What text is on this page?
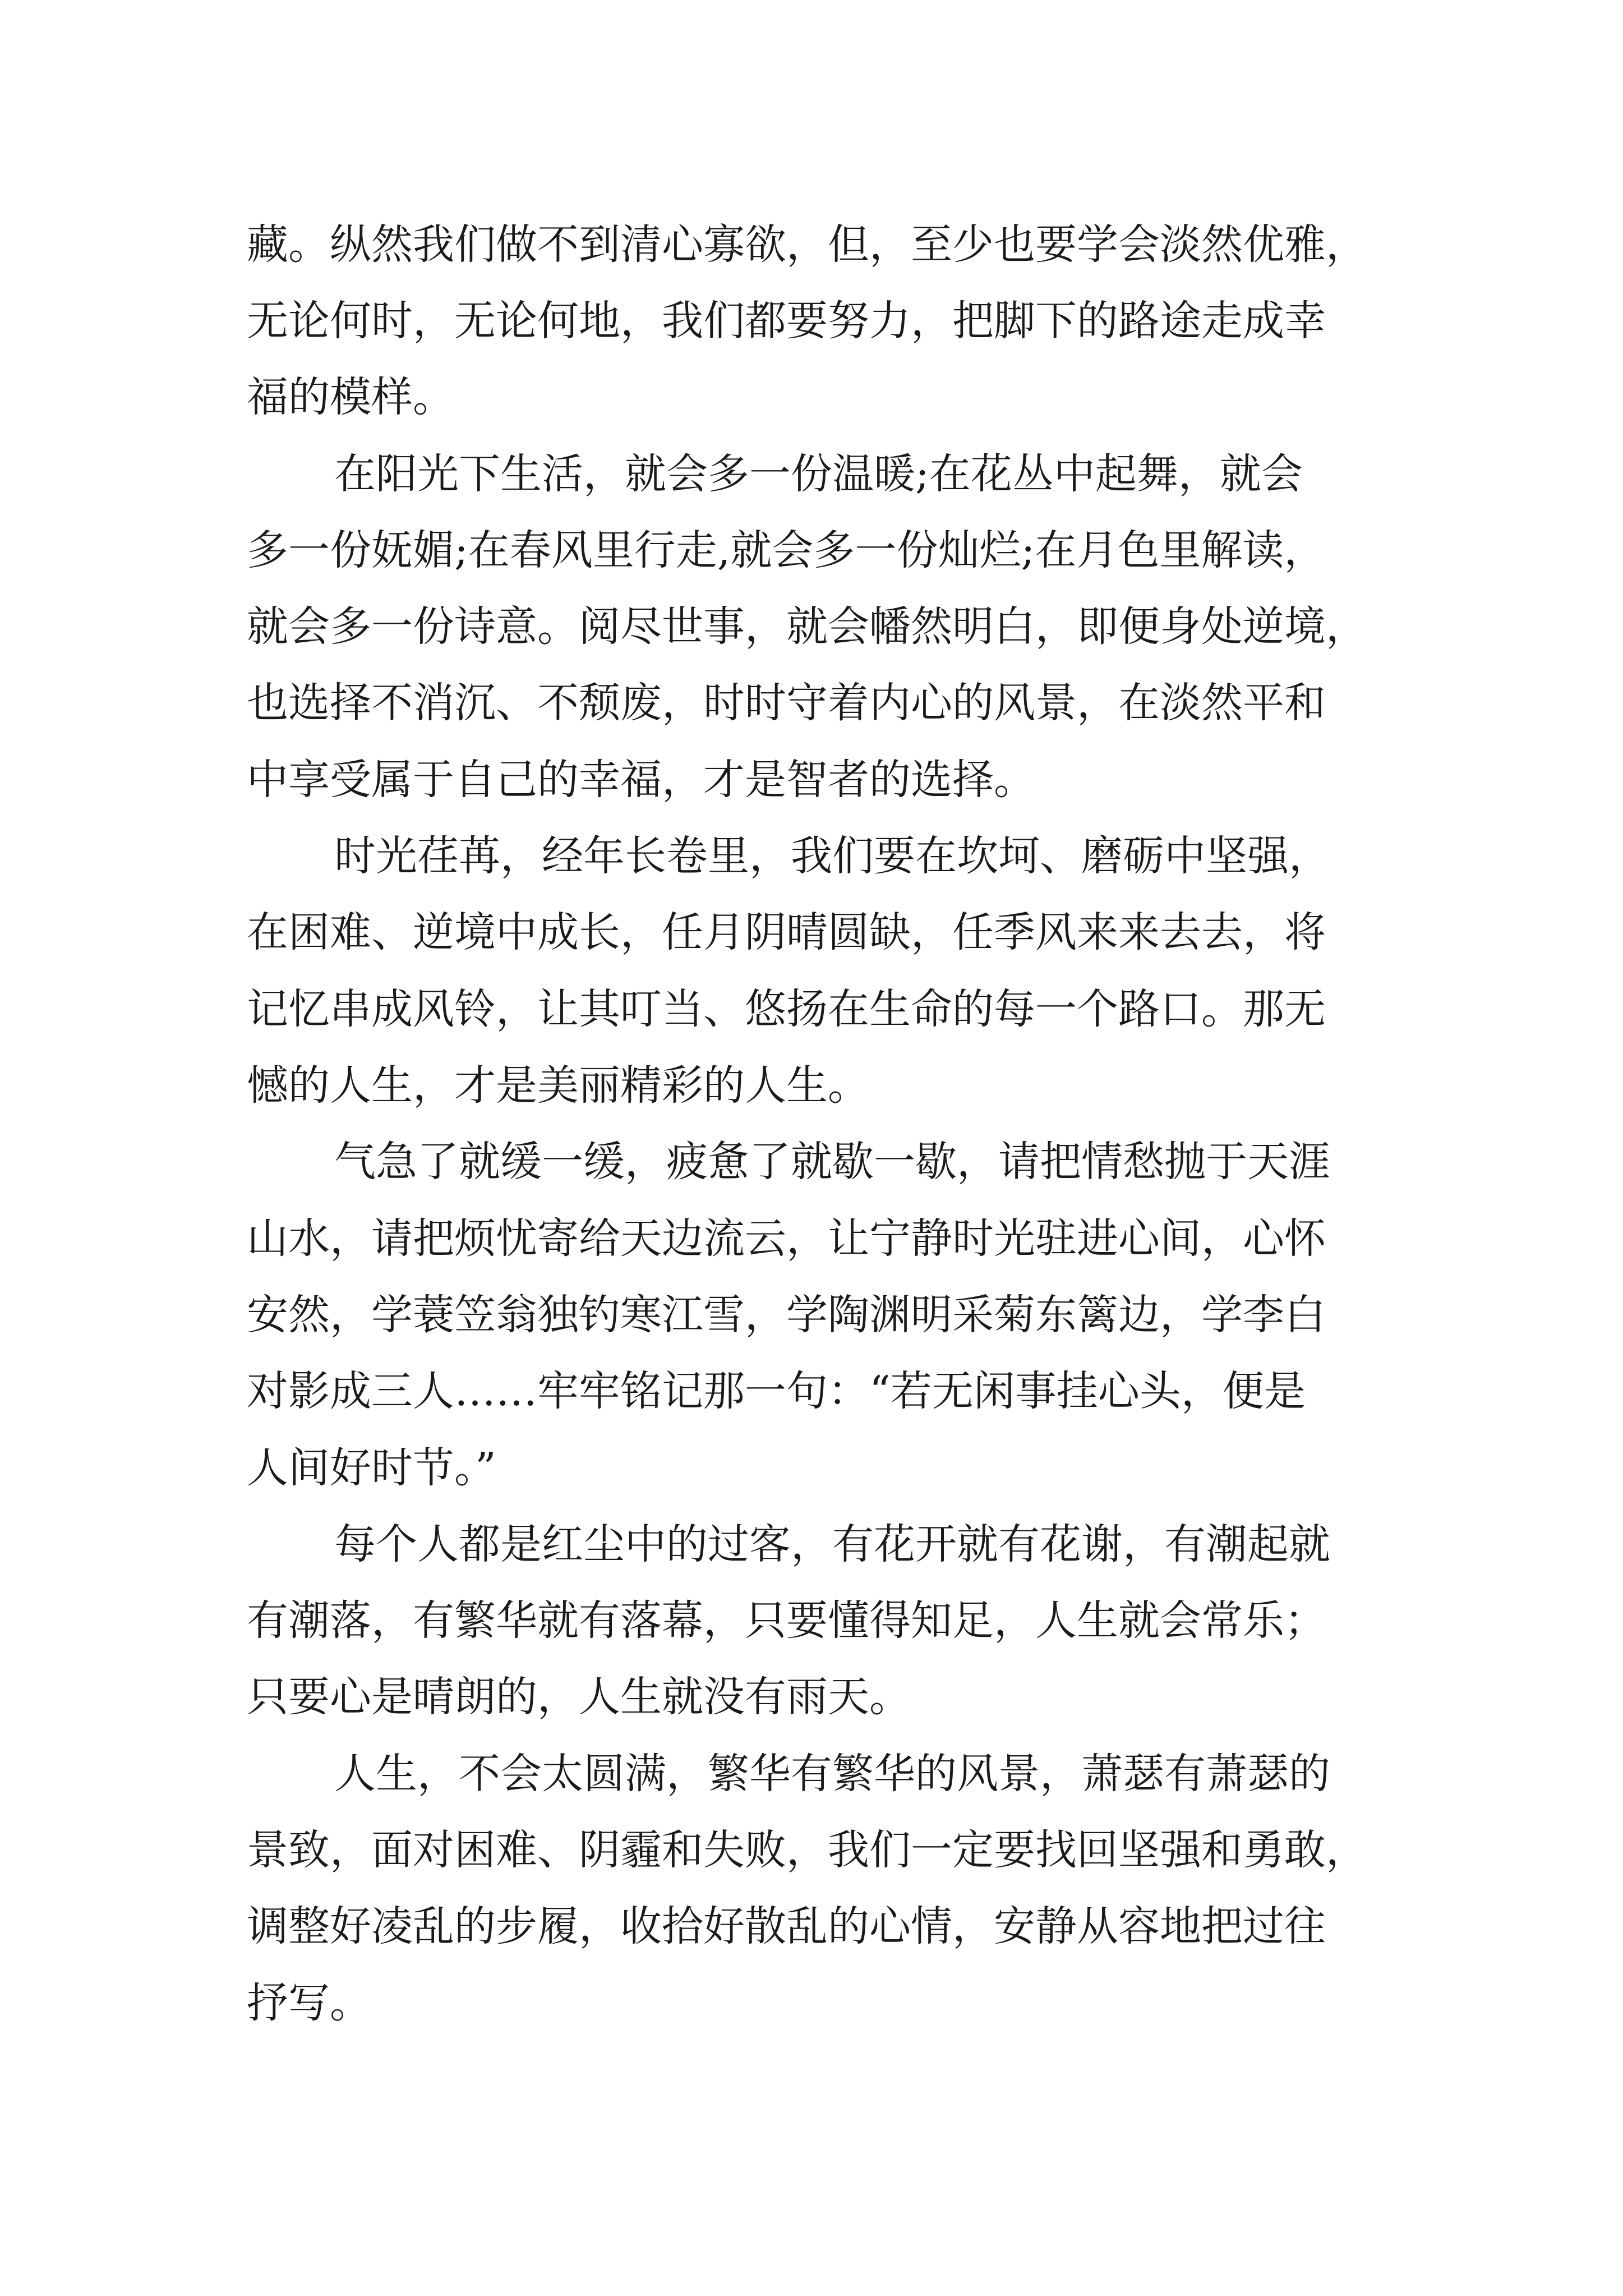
藏。纵然我们做不到清心寡欲，但，至少也要学会淡然优雅，

无论何时，无论何地，我们都要努力，把脚下的路途走成幸

福的模样。

在阳光下生活，就会多一份温暖;在花丛中起舞，就会

多一份妩媚;在春风里行走,就会多一份灿烂;在月色里解读，

就会多一份诗意。阅尽世事，就会幡然明白，即便身处逆境，

也选择不消沉、不颓废，时时守着内心的风景，在淡然平和

中享受属于自己的幸福，才是智者的选择。

时光荏苒，经年长卷里，我们要在坎坷、磨砺中坚强，

在困难、逆境中成长，任月阴晴圆缺，任季风来来去去，将

记忆串成风铃，让其叮当、悠扬在生命的每一个路口。那无

憾的人生，才是美丽精彩的人生。

气急了就缓一缓，疲惫了就歇一歇，请把情愁抛于天涯

山水，请把烦忧寄给天边流云，让宁静时光驻进心间，心怀

安然，学蓑笠翁独钓寒江雪，学陶渊明采菊东篱边，学李白

对影成三人……牢牢铭记那一句：“若无闲事挂心头，便是

人间好时节。”

每个人都是红尘中的过客，有花开就有花谢，有潮起就

有潮落，有繁华就有落幕，只要懂得知足，人生就会常乐；

只要心是晴朗的，人生就没有雨天。

人生，不会太圆满，繁华有繁华的风景，萧瑟有萧瑟的

景致，面对困难、阴霾和失败，我们一定要找回坚强和勇敢，

调整好凌乱的步履，收拾好散乱的心情，安静从容地把过往

抒写。
